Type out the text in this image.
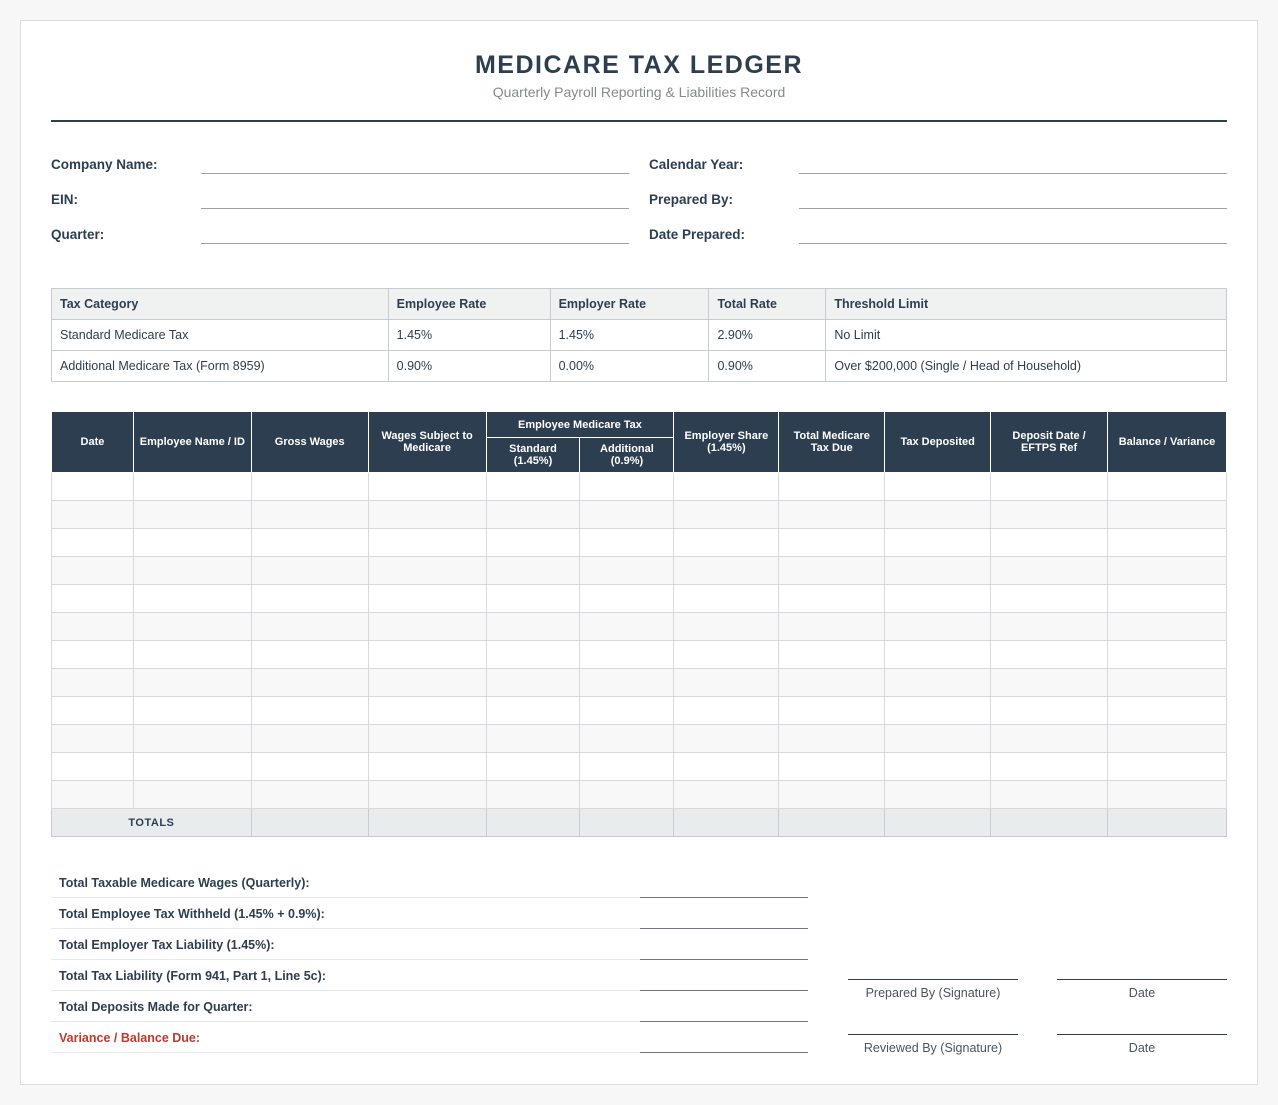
MEDICARE TAX LEDGER
Quarterly Payroll Reporting & Liabilities Record
Company Name:
EIN:
Quarter:
Calendar Year:
Prepared By:
Date Prepared:
Tax Category	Employee Rate	Employer Rate	Total Rate	Threshold Limit
Standard Medicare Tax	1.45%	1.45%	2.90%	No Limit
Additional Medicare Tax (Form 8959)	0.90%	0.00%	0.90%	Over $200,000 (Single / Head of Household)
Date	Employee Name / ID	Gross Wages	Wages Subject to Medicare	Employee Medicare Tax		Employer Share (1.45%)	Total Medicare Tax Due	Tax Deposited	Deposit Date / EFTPS Ref	Balance / Variance
				Standard (1.45%)	Additional (0.9%)					

TOTALS										
Total Taxable Medicare Wages (Quarterly):
Total Employee Tax Withheld (1.45% + 0.9%):
Total Employer Tax Liability (1.45%):
Total Tax Liability (Form 941, Part 1, Line 5c):
Total Deposits Made for Quarter:
Variance / Balance Due:
Prepared By (Signature)	Date
Reviewed By (Signature)	Date
